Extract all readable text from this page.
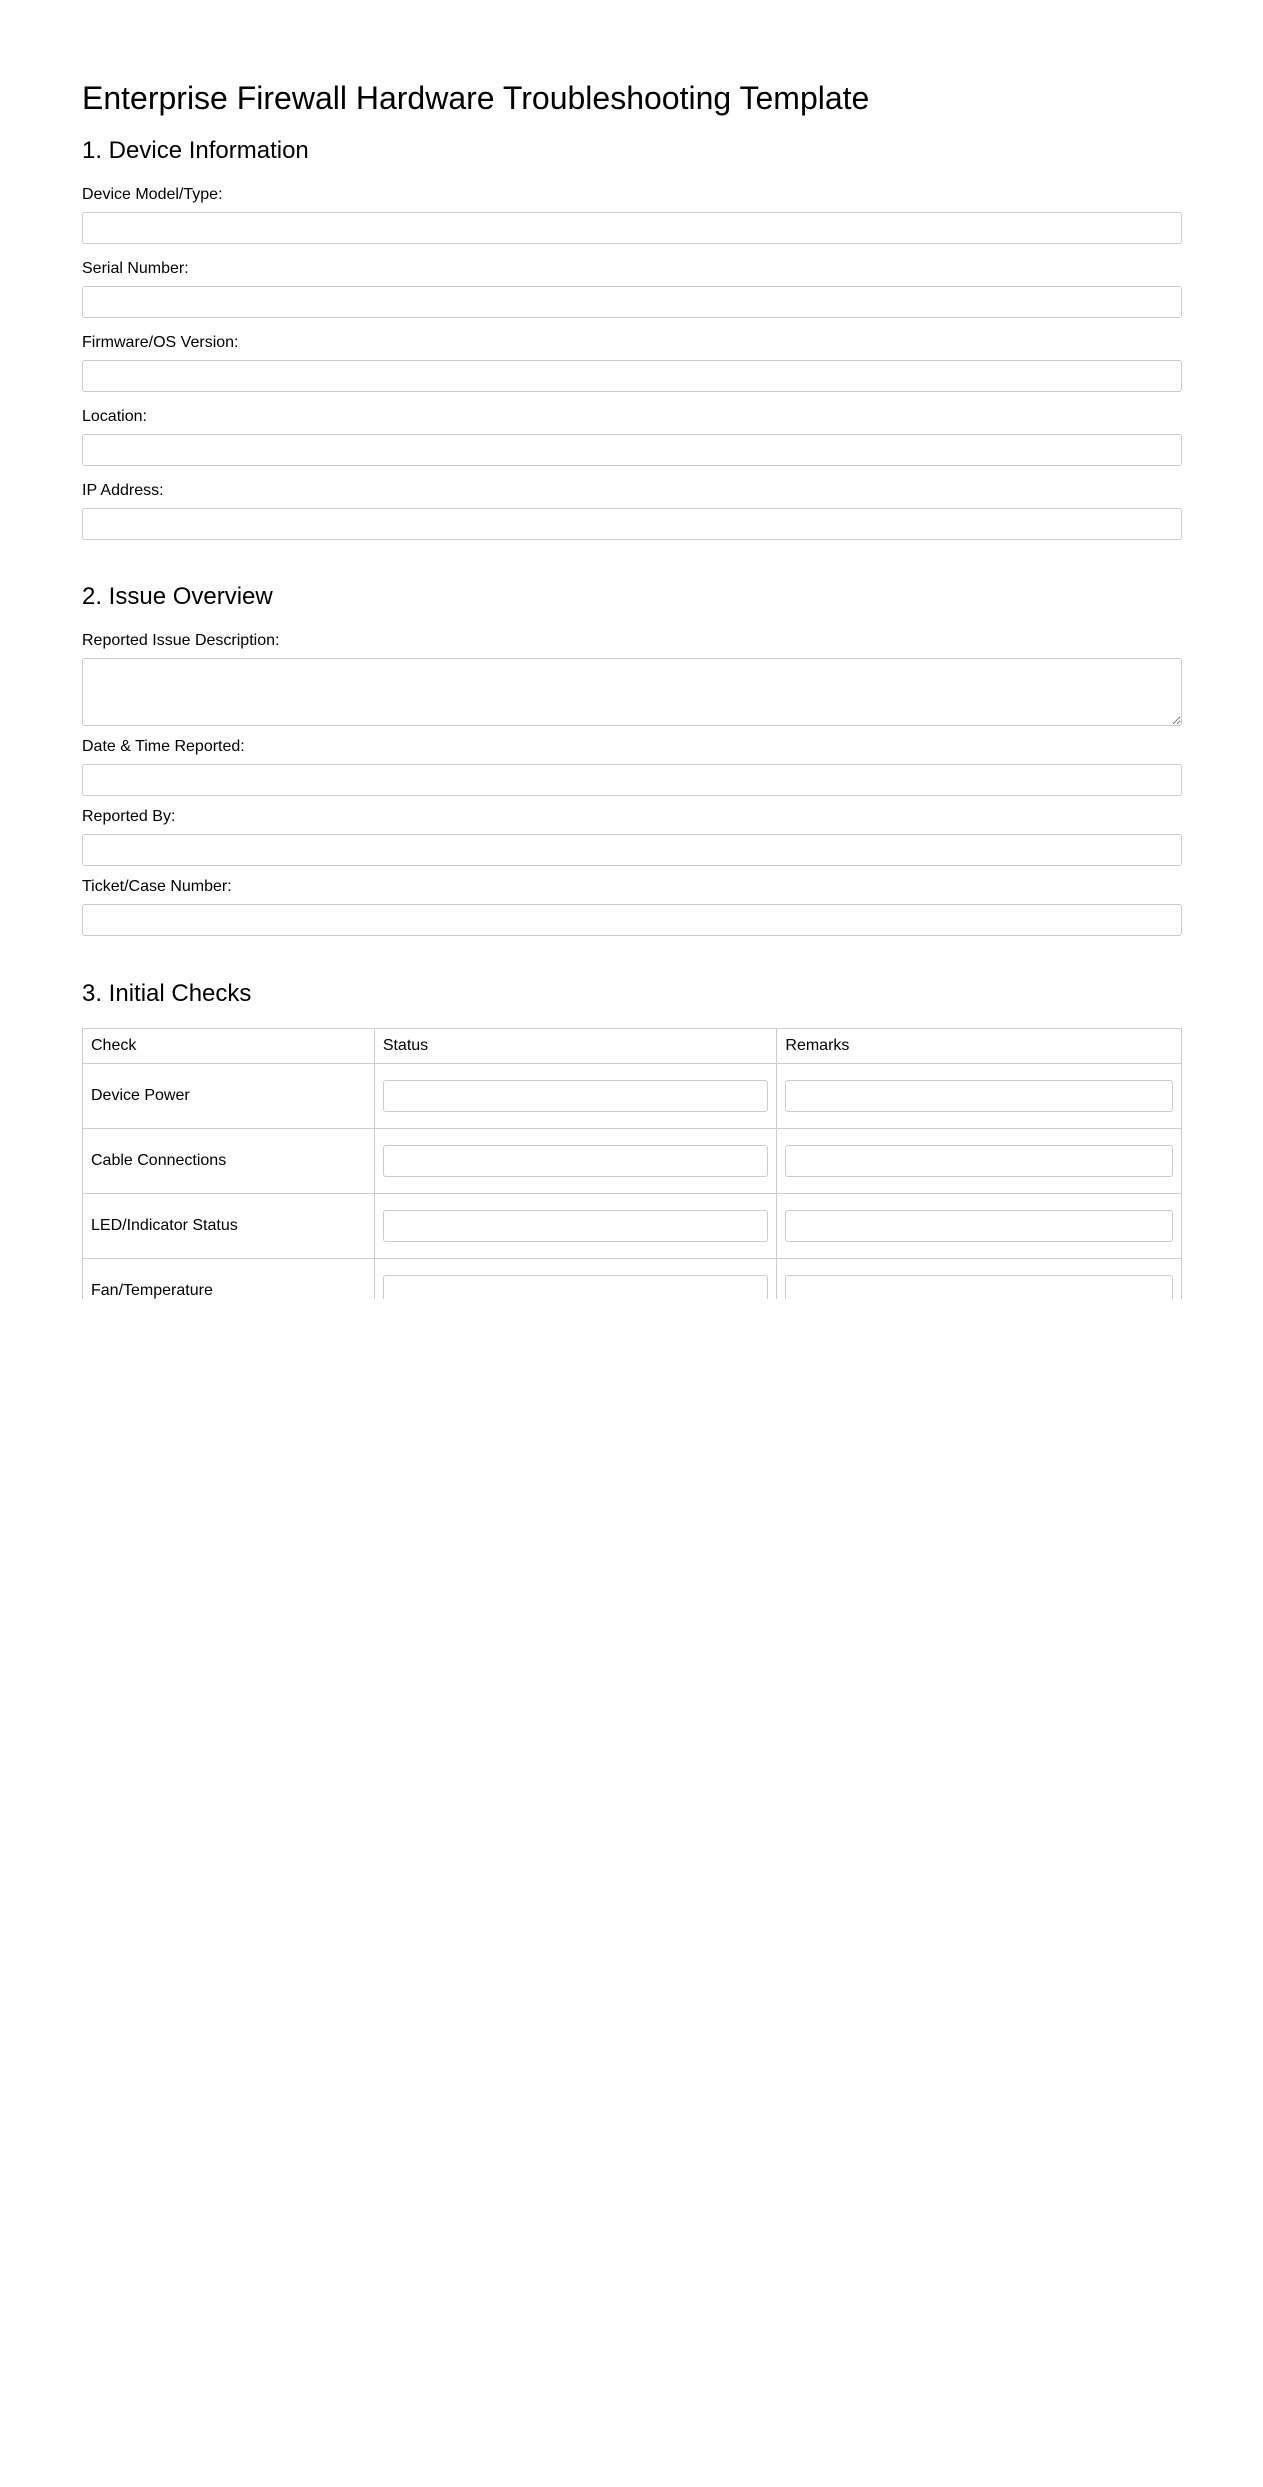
Enterprise Firewall Hardware Troubleshooting Template
1. Device Information
Device Model/Type:
Serial Number:
Firmware/OS Version:
Location:
IP Address:
2. Issue Overview
Reported Issue Description:
Date & Time Reported:
Reported By:
Ticket/Case Number:
3. Initial Checks
Check	Status	Remarks
Device Power	

Cable Connections	

LED/Indicator Status	

Fan/Temperature	
